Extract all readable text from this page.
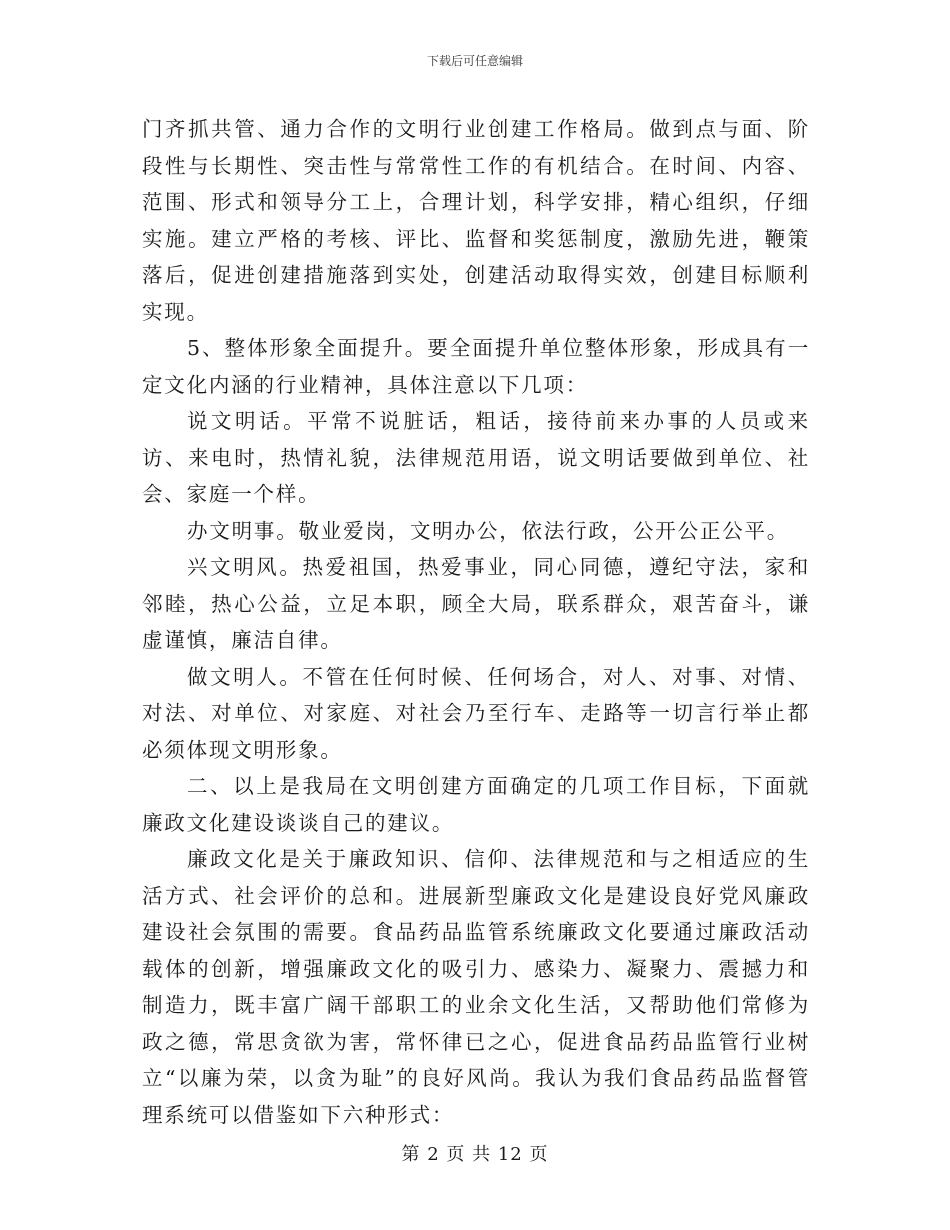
下载后可任意编辑

门齐抓共管、通力合作的文明行业创建工作格局。做到点与面、阶段性与长期性、突击性与常常性工作的有机结合。在时间、内容、范围、形式和领导分工上，合理计划，科学安排，精心组织，仔细实施。建立严格的考核、评比、监督和奖惩制度，激励先进，鞭策落后，促进创建措施落到实处，创建活动取得实效，创建目标顺利实现。

5、整体形象全面提升。要全面提升单位整体形象，形成具有一定文化内涵的行业精神，具体注意以下几项：

说文明话。平常不说脏话，粗话，接待前来办事的人员或来访、来电时，热情礼貌，法律规范用语，说文明话要做到单位、社会、家庭一个样。

办文明事。敬业爱岗，文明办公，依法行政，公开公正公平。

兴文明风。热爱祖国，热爱事业，同心同德，遵纪守法，家和邻睦，热心公益，立足本职，顾全大局，联系群众，艰苦奋斗，谦虚谨慎，廉洁自律。

做文明人。不管在任何时候、任何场合，对人、对事、对情、对法、对单位、对家庭、对社会乃至行车、走路等一切言行举止都必须体现文明形象。

二、以上是我局在文明创建方面确定的几项工作目标，下面就廉政文化建设谈谈自己的建议。

廉政文化是关于廉政知识、信仰、法律规范和与之相适应的生活方式、社会评价的总和。进展新型廉政文化是建设良好党风廉政建设社会氛围的需要。食品药品监管系统廉政文化要通过廉政活动载体的创新，增强廉政文化的吸引力、感染力、凝聚力、震撼力和制造力，既丰富广阔干部职工的业余文化生活，又帮助他们常修为政之德，常思贪欲为害，常怀律已之心，促进食品药品监管行业树立“以廉为荣，以贪为耻”的良好风尚。我认为我们食品药品监督管理系统可以借鉴如下六种形式：

第 2 页 共 12 页
